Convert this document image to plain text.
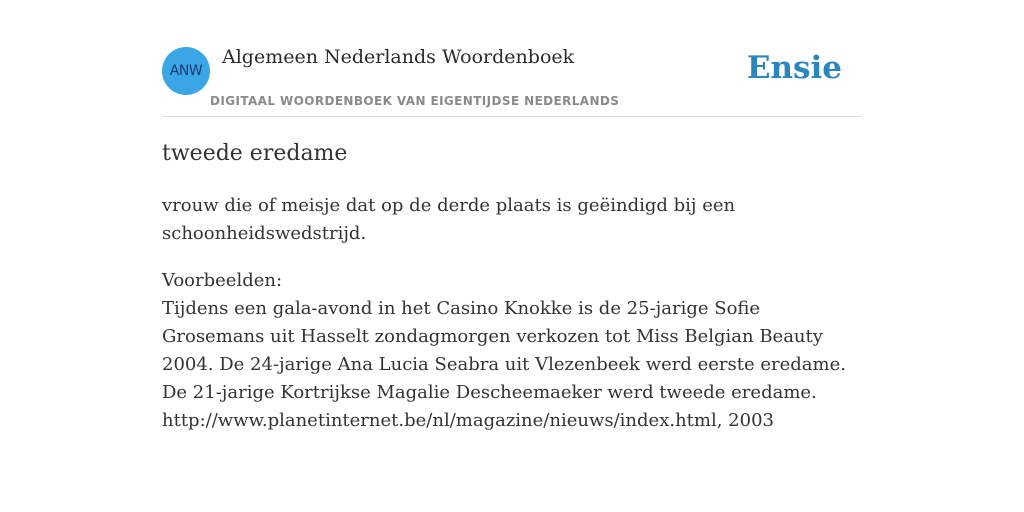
ANW
Algemeen Nederlands Woordenboek
DIGITAAL WOORDENBOEK VAN EIGENTIJDSE NEDERLANDS
Ensie
tweede eredame
vrouw die of meisje dat op de derde plaats is geëindigd bij een schoonheidswedstrijd.
Voorbeelden:
Tijdens een gala-avond in het Casino Knokke is de 25-jarige Sofie Grosemans uit Hasselt zondagmorgen verkozen tot Miss Belgian Beauty 2004. De 24-jarige Ana Lucia Seabra uit Vlezenbeek werd eerste eredame. De 21-jarige Kortrijkse Magalie Descheemaeker werd tweede eredame.
http://www.planetinternet.be/nl/magazine/nieuws/index.html, 2003
